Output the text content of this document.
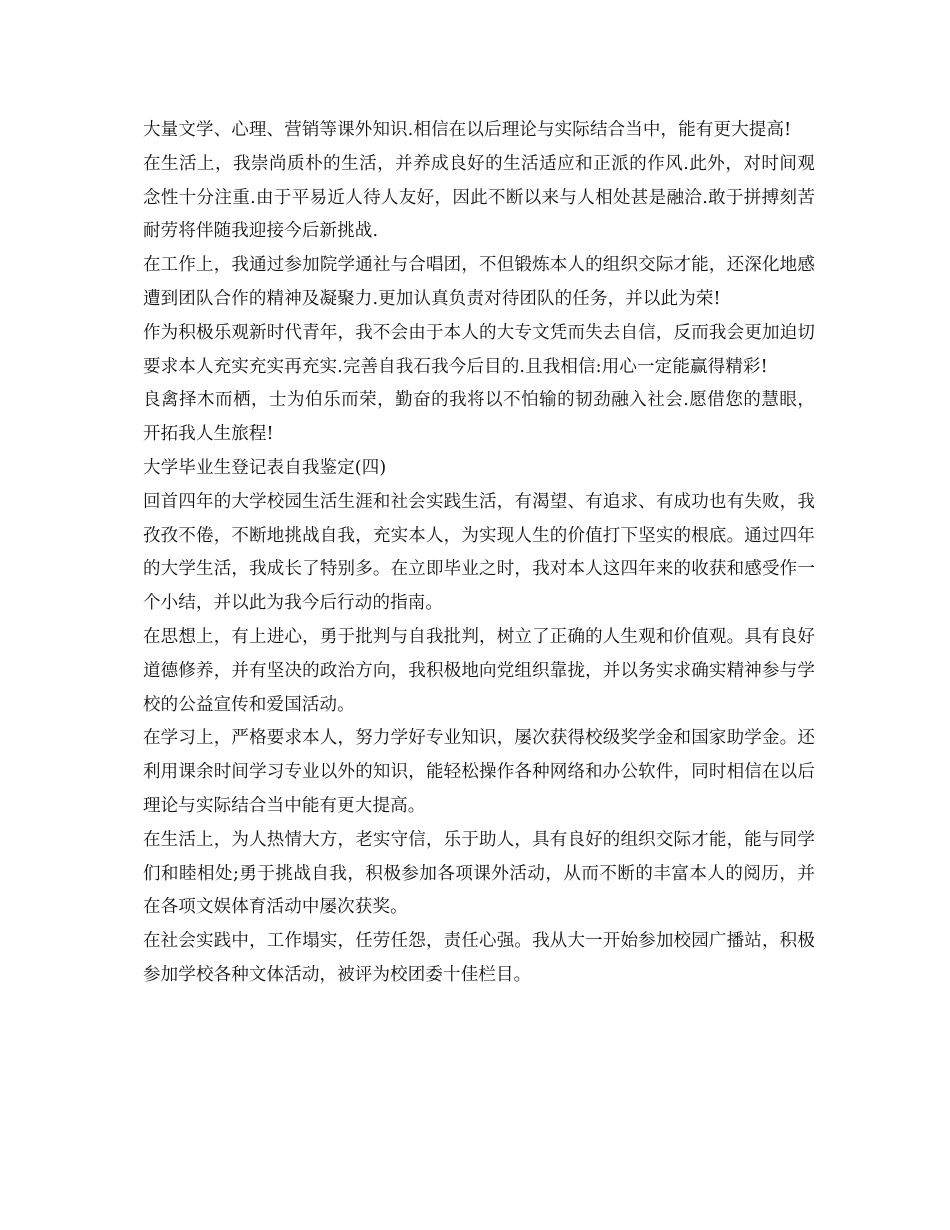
大量文学、心理、营销等课外知识.相信在以后理论与实际结合当中，能有更大提高!

在生活上，我崇尚质朴的生活，并养成良好的生活适应和正派的作风.此外，对时间观念性十分注重.由于平易近人待人友好，因此不断以来与人相处甚是融洽.敢于拼搏刻苦耐劳将伴随我迎接今后新挑战.

在工作上，我通过参加院学通社与合唱团，不但锻炼本人的组织交际才能，还深化地感遭到团队合作的精神及凝聚力.更加认真负责对待团队的任务，并以此为荣!

作为积极乐观新时代青年，我不会由于本人的大专文凭而失去自信，反而我会更加迫切要求本人充实充实再充实.完善自我石我今后目的.且我相信:用心一定能赢得精彩!

良禽择木而栖，士为伯乐而荣，勤奋的我将以不怕输的韧劲融入社会.愿借您的慧眼，开拓我人生旅程!

大学毕业生登记表自我鉴定(四)

回首四年的大学校园生活生涯和社会实践生活，有渴望、有追求、有成功也有失败，我孜孜不倦，不断地挑战自我，充实本人，为实现人生的价值打下坚实的根底。通过四年的大学生活，我成长了特别多。在立即毕业之时，我对本人这四年来的收获和感受作一个小结，并以此为我今后行动的指南。

在思想上，有上进心，勇于批判与自我批判，树立了正确的人生观和价值观。具有良好道德修养，并有坚决的政治方向，我积极地向党组织靠拢，并以务实求确实精神参与学校的公益宣传和爱国活动。

在学习上，严格要求本人，努力学好专业知识，屡次获得校级奖学金和国家助学金。还利用课余时间学习专业以外的知识，能轻松操作各种网络和办公软件，同时相信在以后理论与实际结合当中能有更大提高。

在生活上，为人热情大方，老实守信，乐于助人，具有良好的组织交际才能，能与同学们和睦相处;勇于挑战自我，积极参加各项课外活动，从而不断的丰富本人的阅历，并在各项文娱体育活动中屡次获奖。

在社会实践中，工作塌实，任劳任怨，责任心强。我从大一开始参加校园广播站，积极参加学校各种文体活动，被评为校团委十佳栏目。
